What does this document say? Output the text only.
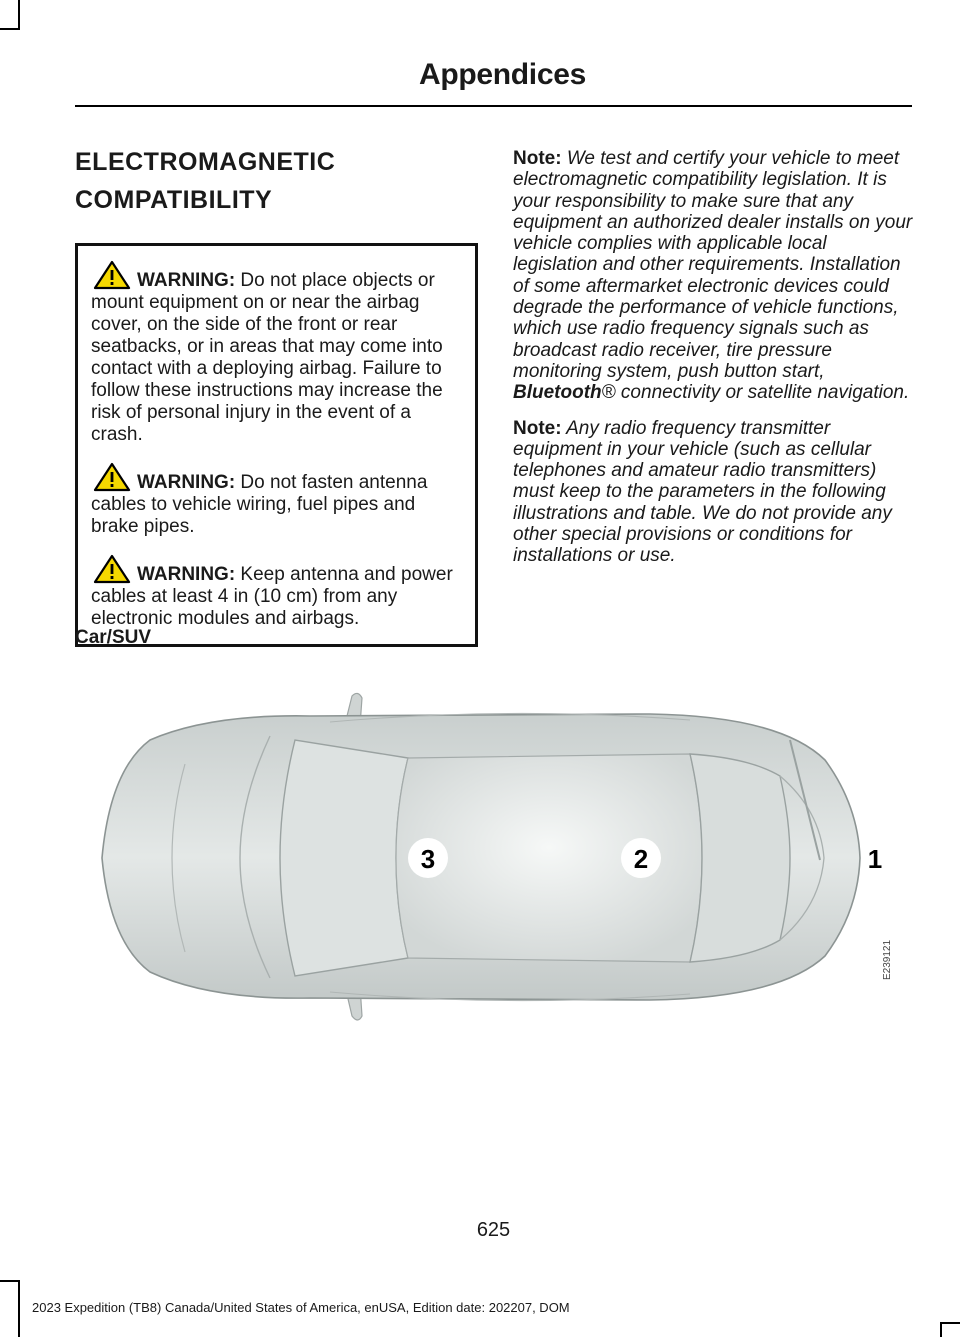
Appendices
ELECTROMAGNETIC
COMPATIBILITY
WARNING: Do not place objects or mount equipment on or near the airbag cover, on the side of the front or rear seatbacks, or in areas that may come into contact with a deploying airbag. Failure to follow these instructions may increase the risk of personal injury in the event of a crash.
WARNING: Do not fasten antenna cables to vehicle wiring, fuel pipes and brake pipes.
WARNING: Keep antenna and power cables at least 4 in (10 cm) from any electronic modules and airbags.

Note: We test and certify your vehicle to meet electromagnetic compatibility legislation. It is your responsibility to make sure that any equipment an authorized dealer installs on your vehicle complies with applicable local legislation and other requirements. Installation of some aftermarket electronic devices could degrade the performance of vehicle functions, which use radio frequency signals such as broadcast radio receiver, tire pressure monitoring system, push button start, Bluetooth® connectivity or satellite navigation.

Note: Any radio frequency transmitter equipment in your vehicle (such as cellular telephones and amateur radio transmitters) must keep to the parameters in the following illustrations and table. We do not provide any other special provisions or conditions for installations or use.

Car/SUV
3	2	1
E239121
625
2023 Expedition (TB8) Canada/United States of America, enUSA, Edition date: 202207, DOM
